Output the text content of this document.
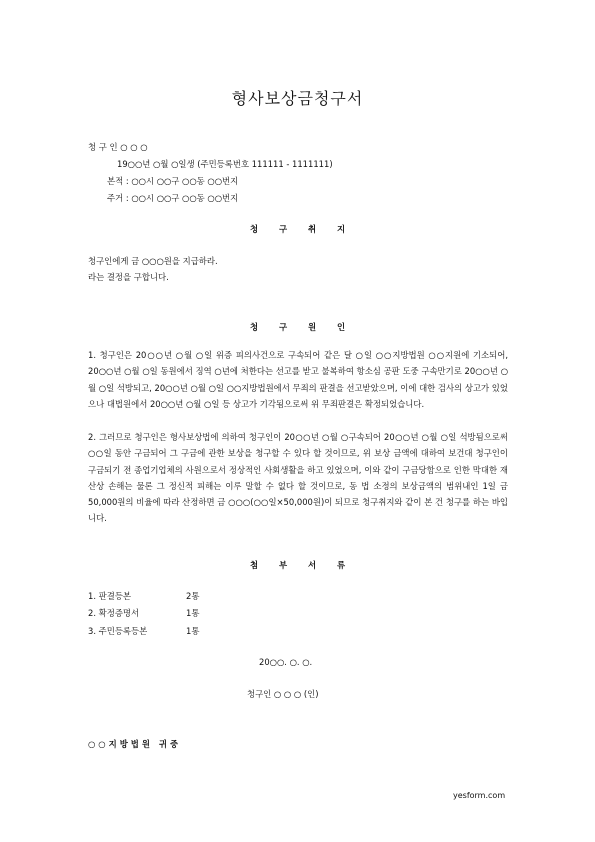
형사보상금청구서
청 구 인 ○ ○ ○
19○○년 ○월 ○일생 (주민등록번호 111111 - 1111111)
본적 : ○○시 ○○구 ○○동 ○○번지
주거 : ○○시 ○○구 ○○동 ○○번지
청 구 취 지
청구인에게 금 ○○○원을 지급하라.
라는 결정을 구합니다.
청 구 원 인
1. 청구인은 20○○년 ○월 ○일 위증 피의사건으로 구속되어 같은 달 ○일 ○○지방법원 ○○지원에 기소되어, 20○○년 ○월 ○일 동원에서 징역 ○년에 처한다는 선고를 받고 불복하여 항소심 공판 도중 구속만기로 20○○년 ○월 ○일 석방되고, 20○○년 ○월 ○일 ○○지방법원에서 무죄의 판결을 선고받았으며, 이에 대한 검사의 상고가 있었으나 대법원에서 20○○년 ○월 ○일 등 상고가 기각됨으로써 위 무죄판결은 확정되었습니다.
2. 그러므로 청구인은 형사보상법에 의하여 청구인이 20○○년 ○월 ○구속되어 20○○년 ○월 ○일 석방됨으로써 ○○일 동안 구금되어 그 구금에 관한 보상을 청구할 수 있다 할 것이므로, 위 보상 금액에 대하여 보건대 청구인이 구금되기 전 종업기업체의 사원으로서 정상적인 사회생활을 하고 있었으며, 이와 같이 구금당함으로 인한 막대한 재산상 손해는 물론 그 정신적 피해는 이루 말할 수 없다 할 것이므로, 동 법 소정의 보상금액의 범위내인 1일 금 50,000원의 비율에 따라 산정하면 금 ○○○(○○일×50,000원)이 되므로 청구취지와 같이 본 건 청구를 하는 바입니다.
첨 부 서 류
1. 판결등본	2통
2. 확정증명서	1통
3. 주민등록등본	1통
20○○. ○. ○.
청구인 ○ ○ ○ (인)
○○지방법원 귀중
yesform.com
